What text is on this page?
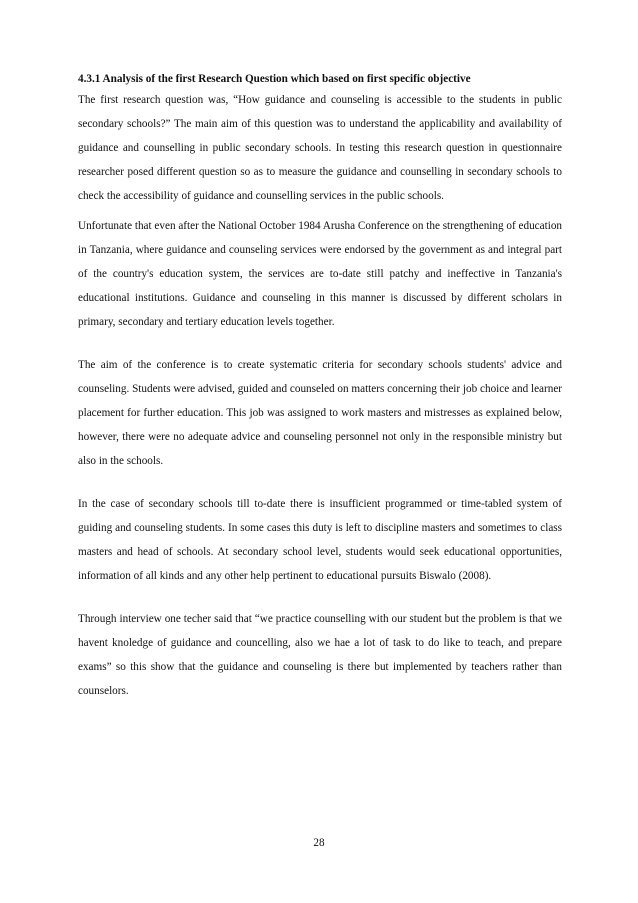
4.3.1 Analysis of the first Research Question which based on first specific objective

The first research question was, “How guidance and counseling is accessible to the students in public secondary schools?” The main aim of this question was to understand the applicability and availability of guidance and counselling in public secondary schools. In testing this research question in questionnaire researcher posed different question so as to measure the guidance and counselling in secondary schools to check the accessibility of guidance and counselling services in the public schools.

Unfortunate that even after the National October 1984 Arusha Conference on the strengthening of education in Tanzania, where guidance and counseling services were endorsed by the government as and integral part of the country's education system, the services are to-date still patchy and ineffective in Tanzania's educational institutions. Guidance and counseling in this manner is discussed by different scholars in primary, secondary and tertiary education levels together.

The aim of the conference is to create systematic criteria for secondary schools students' advice and counseling. Students were advised, guided and counseled on matters concerning their job choice and learner placement for further education. This job was assigned to work masters and mistresses as explained below, however, there were no adequate advice and counseling personnel not only in the responsible ministry but also in the schools.

In the case of secondary schools till to-date there is insufficient programmed or time-tabled system of guiding and counseling students. In some cases this duty is left to discipline masters and sometimes to class masters and head of schools. At secondary school level, students would seek educational opportunities, information of all kinds and any other help pertinent to educational pursuits Biswalo (2008).

Through interview one techer said that “we practice counselling with our student but the problem is that we havent knoledge of guidance and councelling, also we hae a lot of task to do like to teach, and prepare exams” so this show that the guidance and counseling is there but implemented by teachers rather than counselors.

28
